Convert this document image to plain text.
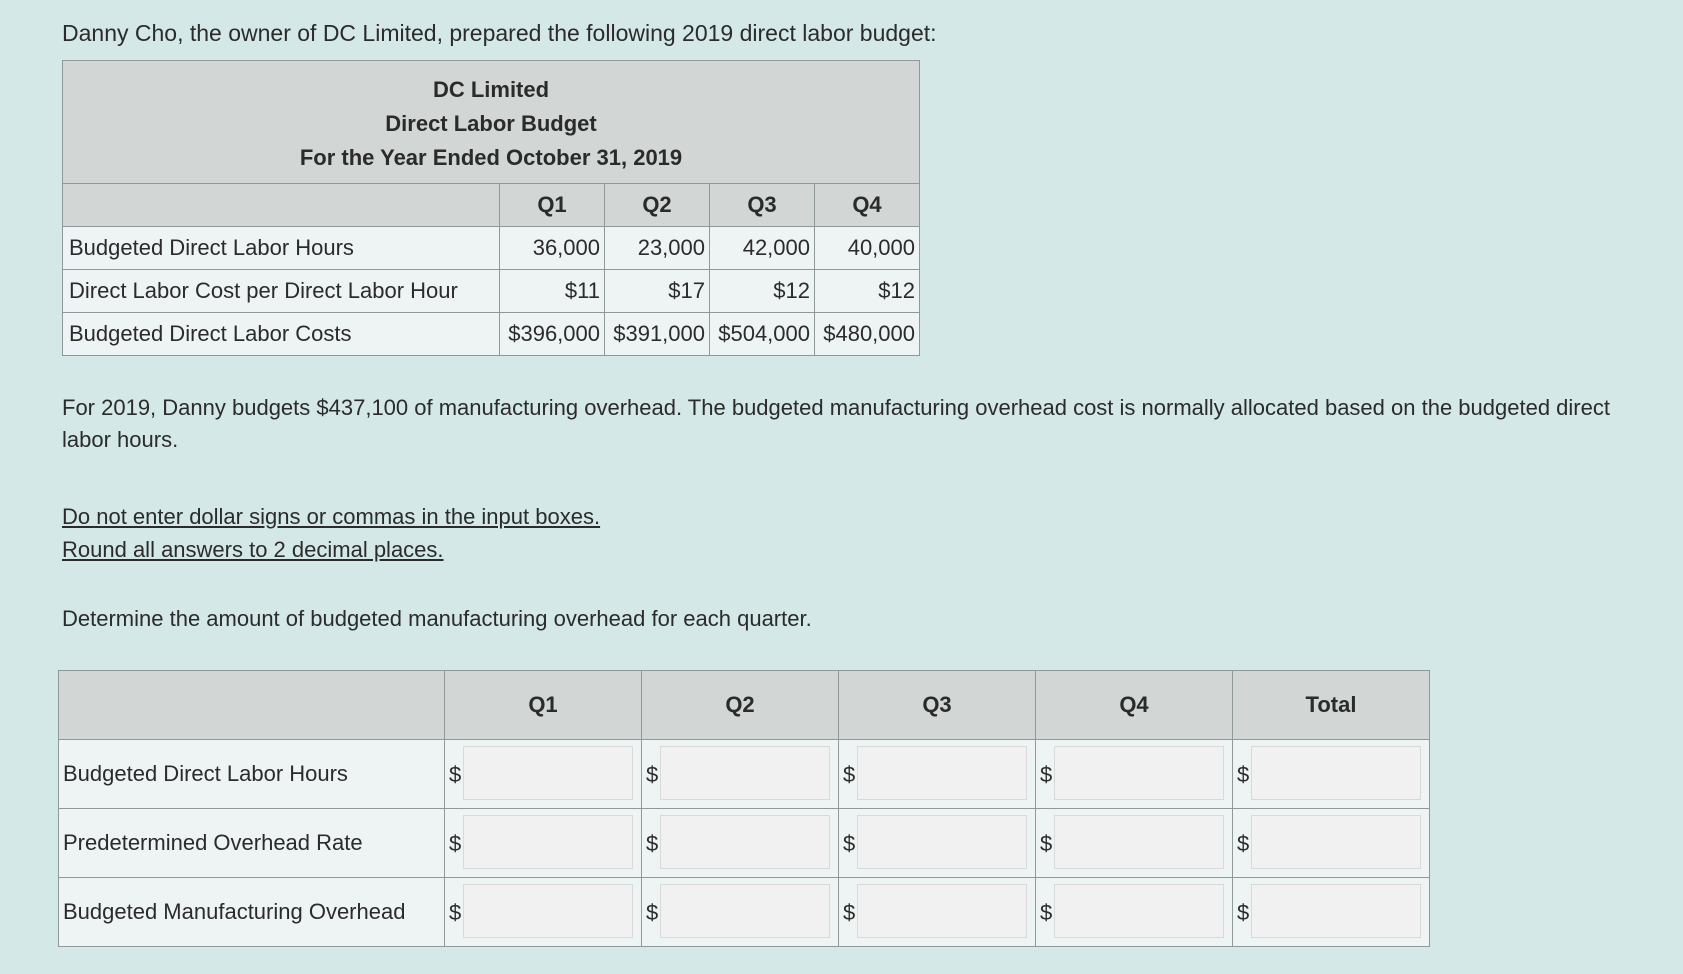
Danny Cho, the owner of DC Limited, prepared the following 2019 direct labor budget:
DC Limited
Direct Labor Budget
For the Year Ended October 31, 2019				

	Q1	Q2	Q3	Q4
Budgeted Direct Labor Hours	36,000	23,000	42,000	40,000
Direct Labor Cost per Direct Labor Hour	$11	$17	$12	$12
Budgeted Direct Labor Costs	$396,000	$391,000	$504,000	$480,000
For 2019, Danny budgets $437,100 of manufacturing overhead. The budgeted manufacturing overhead cost is normally allocated based on the budgeted direct labor hours.
Do not enter dollar signs or commas in the input boxes.
Round all answers to 2 decimal places.
Determine the amount of budgeted manufacturing overhead for each quarter.
	Q1	Q2	Q3	Q4	Total
Budgeted Direct Labor Hours	$	$	$	$	$

Predetermined Overhead Rate	$	$	$	$	$

Budgeted Manufacturing Overhead	$	$	$	$	$
